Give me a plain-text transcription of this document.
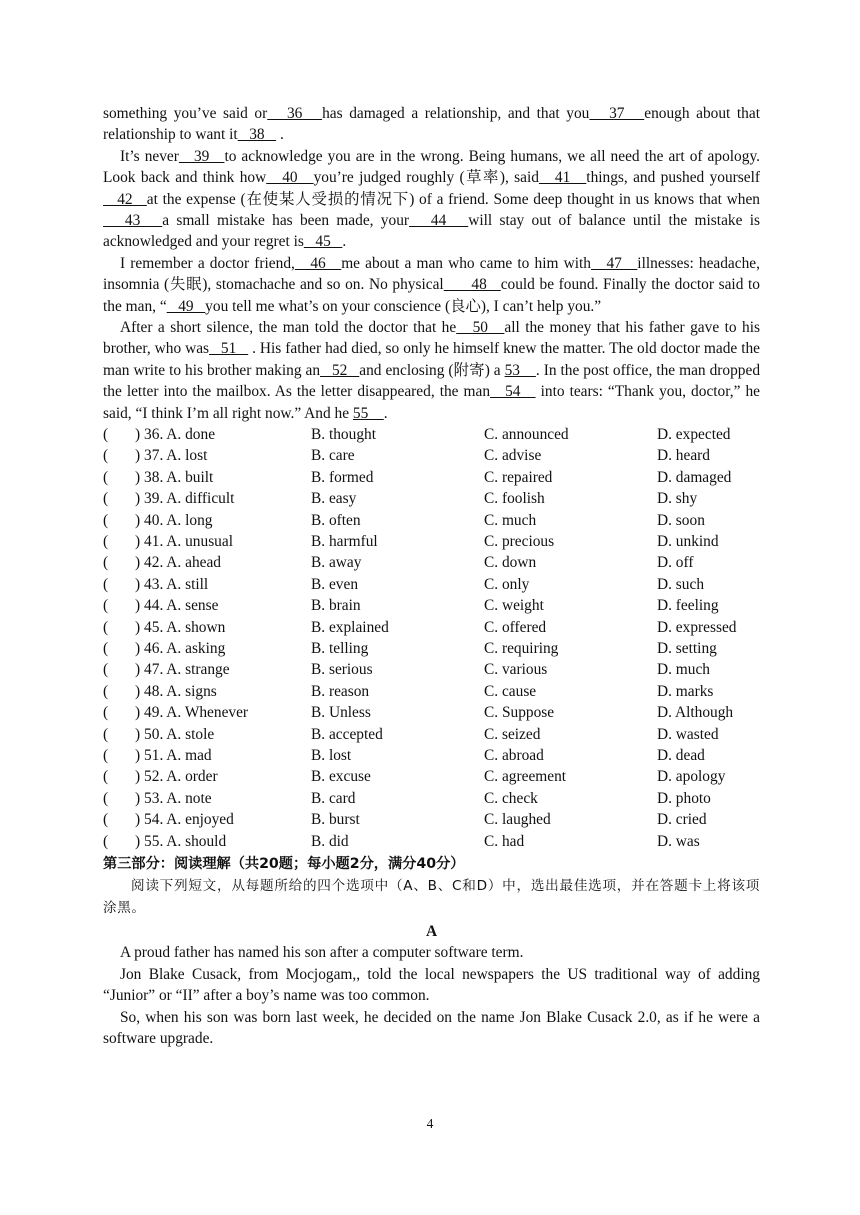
something you’ve said or   36   has damaged a relationship, and that you   37   enough about that relationship to want it   38    .

It’s never   39   to acknowledge you are in the wrong. Being humans, we all need the art of apology. Look back and think how   40   you’re judged roughly (草率), said   41   things, and pushed yourself   42   at the expense (在使某人受损的情况下) of a friend. Some deep thought in us knows that when   43   a small mistake has been made, your   44   will stay out of balance until the mistake is acknowledged and your regret is   45   .

I remember a doctor friend,   46   me about a man who came to him with   47   illnesses: headache, insomnia (失眠), stomachache and so on. No physical      48   could be found. Finally the doctor said to the man, “   49   you tell me what’s on your conscience (良心), I can’t help you.”

After a short silence, the man told the doctor that he   50   all the money that his father gave to his brother, who was   51    . His father had died, so only he himself knew the matter. The old doctor made the man write to his brother making an   52   and enclosing (附寄) a 53    . In the post office, the man dropped the letter into the mailbox. As the letter disappeared, the man   54    into tears: “Thank you, doctor,” he said, “I think I’m all right now.” And he 55    .

(       ) 36. A. done	B. thought	C. announced	D. expected
(       ) 37. A. lost	B. care	C. advise	D. heard
(       ) 38. A. built	B. formed	C. repaired	D. damaged
(       ) 39. A. difficult	B. easy	C. foolish	D. shy
(       ) 40. A. long	B. often	C. much	D. soon
(       ) 41. A. unusual	B. harmful	C. precious	D. unkind
(       ) 42. A. ahead	B. away	C. down	D. off
(       ) 43. A. still	B. even	C. only	D. such
(       ) 44. A. sense	B. brain	C. weight	D. feeling
(       ) 45. A. shown	B. explained	C. offered	D. expressed
(       ) 46. A. asking	B. telling	C. requiring	D. setting
(       ) 47. A. strange	B. serious	C. various	D. much
(       ) 48. A. signs	B. reason	C. cause	D. marks
(       ) 49. A. Whenever	B. Unless	C. Suppose	D. Although
(       ) 50. A. stole	B. accepted	C. seized	D. wasted
(       ) 51. A. mad	B. lost	C. abroad	D. dead
(       ) 52. A. order	B. excuse	C. agreement	D. apology
(       ) 53. A. note	B. card	C. check	D. photo
(       ) 54. A. enjoyed	B. burst	C. laughed	D. cried
(       ) 55. A. should	B. did	C. had	D. was
第三部分：阅读理解（共20题；每小题2分，满分40分）
阅读下列短文，从每题所给的四个选项中（A、B、C和D）中，选出最佳选项，并在答题卡上将该项涂黑。
A

A proud father has named his son after a computer software term.

Jon Blake Cusack, from Mocjogam,, told the local newspapers the US traditional way of adding “Junior” or “II” after a boy’s name was too common.

So, when his son was born last week, he decided on the name Jon Blake Cusack 2.0, as if he were a software upgrade.

4
